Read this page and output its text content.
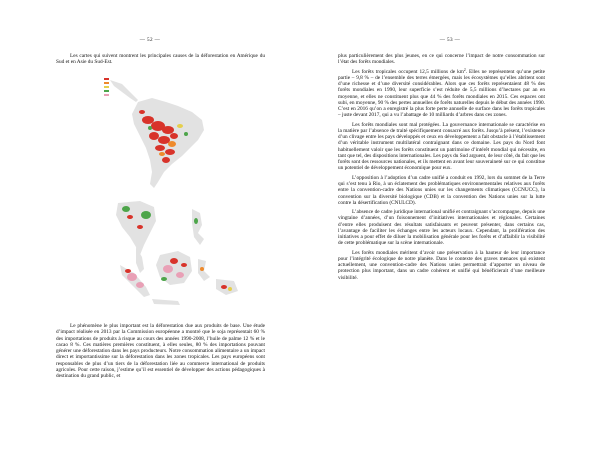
— 52 —

Les cartes qui suivent montrent les principales causes de la déforestation en Amérique du Sud et en Asie du Sud-Est.

Le phénomène le plus important est la déforestation due aux produits de base. Une étude d’impact réalisée en 2013 par la Commission européenne a montré que le soja représentait 60 % des importations de produits à risque au cours des années 1990-2008, l’huile de palme 12 % et le cacao 8 %. Ces matières premières constituent, à elles seules, 80 % des importations pouvant générer une déforestation dans les pays producteurs. Notre consommation alimentaire a un impact direct et importantissime sur la déforestation dans les zones tropicales. Les pays européens sont responsables de plus d’un tiers de la déforestation liée au commerce international de produits agricoles. Pour cette raison, j’estime qu’il est essentiel de développer des actions pédagogiques à destination du grand public, et

— 53 —

plus particulièrement des plus jeunes, en ce qui concerne l’impact de notre consommation sur l’état des forêts mondiales.

Les forêts tropicales occupent 12,5 millions de $km^2$. Elles ne représentent qu’une petite partie – 9,8 % – de l’ensemble des terres émergées, mais les écosystèmes qu’elles abritent sont d’une richesse et d’une diversité considérables. Alors que ces forêts représentaient 48 % des forêts mondiales en 1990, leur superficie s’est réduite de 5,5 millions d’hectares par an en moyenne, et elles ne constituent plus que 44 % des forêts mondiales en 2015. Ces espaces ont subi, en moyenne, 90 % des pertes annuelles de forêts naturelles depuis le début des années 1990. C’est en 2016 qu’on a enregistré la plus forte perte annuelle de surface dans les forêts tropicales – juste devant 2017, qui a vu l’abattage de 10 milliards d’arbres dans ces zones.

Les forêts mondiales sont mal protégées. La gouvernance internationale se caractérise en la matière par l’absence de traité spécifiquement consacré aux forêts. Jusqu’à présent, l’existence d’un clivage entre les pays développés et ceux en développement a fait obstacle à l’établissement d’un véritable instrument multilatéral contraignant dans ce domaine. Les pays du Nord font habituellement valoir que les forêts constituent un patrimoine d’intérêt mondial qui nécessite, en tant que tel, des dispositions internationales. Les pays du Sud arguent, de leur côté, du fait que les forêts sont des ressources nationales, et ils mettent en avant leur souveraineté sur ce qui constitue un potentiel de développement économique pour eux.

L’opposition à l’adoption d’un cadre unifié a conduit en 1992, lors du sommet de la Terre qui s’est tenu à Rio, à un éclatement des problématiques environnementales relatives aux forêts entre la convention-cadre des Nations unies sur les changements climatiques (CCNUCC), la convention sur la diversité biologique (CDB) et la convention des Nations unies sur la lutte contre la désertification (CNULCD).

L’absence de cadre juridique international unifié et contraignant s’accompagne, depuis une vingtaine d’années, d’un foisonnement d’initiatives internationales et régionales. Certaines d’entre elles produisent des résultats satisfaisants et peuvent présenter, dans certains cas, l’avantage de faciliter les échanges entre les acteurs locaux. Cependant, la prolifération des initiatives a pour effet de diluer la mobilisation générale pour les forêts et d’affaiblir la visibilité de cette problématique sur la scène internationale.

Les forêts mondiales méritent d’avoir une préservation à la hauteur de leur importance pour l’intégrité écologique de notre planète. Dans le contexte des graves menaces qui existent actuellement, une convention-cadre des Nations unies permettrait d’apporter un niveau de protection plus important, dans un cadre cohérent et unifié qui bénéficierait d’une meilleure visibilité.
